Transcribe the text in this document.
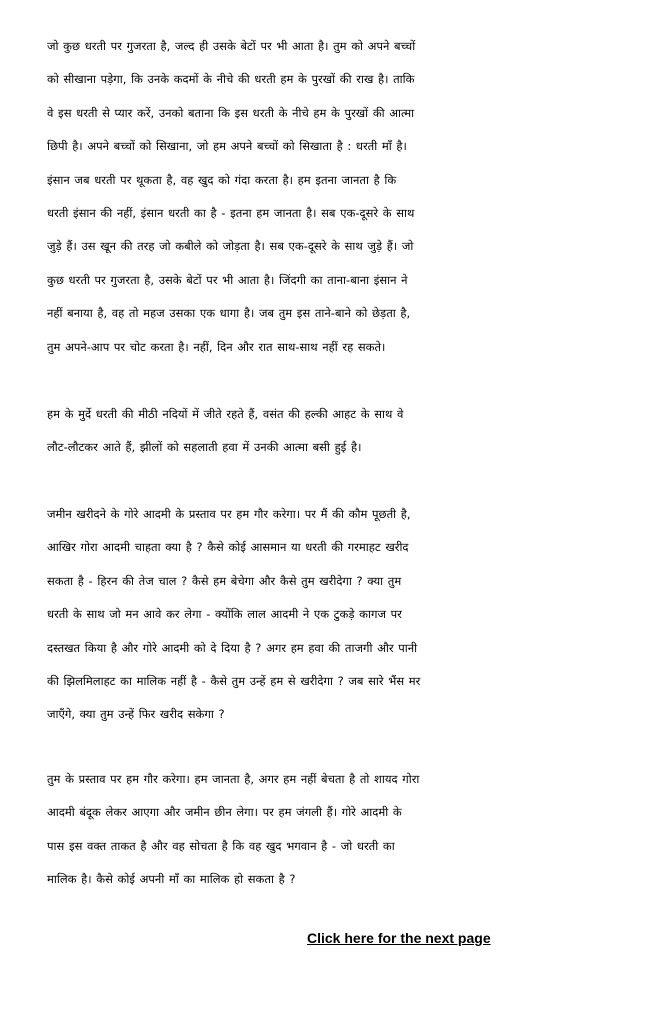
जो कुछ धरती पर गुजरता है, जल्द ही उसके बेटों पर भी आता है। तुम को अपने बच्चों
को सीखाना पड़ेगा, कि उनके कदमों के नीचे की धरती हम के पुरखों की राख है। ताकि
वे इस धरती से प्यार करें, उनको बताना कि इस धरती के नीचे हम के पुरखों की आत्मा
छिपी है। अपने बच्चों को सिखाना, जो हम अपने बच्चों को सिखाता है : धरती माँ है।
इंसान जब धरती पर थूकता है, वह खुद को गंदा करता है। हम इतना जानता है कि
धरती इंसान की नहीं, इंसान धरती का है - इतना हम जानता है। सब एक-दूसरे के साथ
जुड़े हैं। उस खून की तरह जो कबीले को जोड़ता है। सब एक-दूसरे के साथ जुड़े हैं। जो
कुछ धरती पर गुजरता है, उसके बेटों पर भी आता है। जिंदगी का ताना-बाना इंसान ने
नहीं बनाया है, वह तो महज उसका एक धागा है। जब तुम इस ताने-बाने को छेड़ता है,
तुम अपने-आप पर चोट करता है। नहीं, दिन और रात साथ-साथ नहीं रह सकते।

हम के मुर्दे धरती की मीठी नदियों में जीते रहते हैं, वसंत की हल्की आहट के साथ वे
लौट-लौटकर आते हैं, झीलों को सहलाती हवा में उनकी आत्मा बसी हुई है।

जमीन खरीदने के गोरे आदमी के प्रस्ताव पर हम गौर करेगा। पर मैं की कौम पूछती है,
आखिर गोरा आदमी चाहता क्या है ? कैसे कोई आसमान या धरती की गरमाहट खरीद
सकता है - हिरन की तेज चाल ? कैसे हम बेचेगा और कैसे तुम खरीदेगा ? क्या तुम
धरती के साथ जो मन आवे कर लेगा - क्योंकि लाल आदमी ने एक टुकड़े कागज पर
दस्तखत किया है और गोरे आदमी को दे दिया है ? अगर हम हवा की ताजगी और पानी
की झिलमिलाहट का मालिक नहीं है - कैसे तुम उन्हें हम से खरीदेगा ? जब सारे भैंस मर
जाएँगे, क्या तुम उन्हें फिर खरीद सकेगा ?

तुम के प्रस्ताव पर हम गौर करेगा। हम जानता है, अगर हम नहीं बेचता है तो शायद गोरा
आदमी बंदूक लेकर आएगा और जमीन छीन लेगा। पर हम जंगली हैं। गोरे आदमी के
पास इस वक्त ताकत है और वह सोचता है कि वह खुद भगवान है - जो धरती का
मालिक है। कैसे कोई अपनी माँ का मालिक हो सकता है ?

Click here for the next page
